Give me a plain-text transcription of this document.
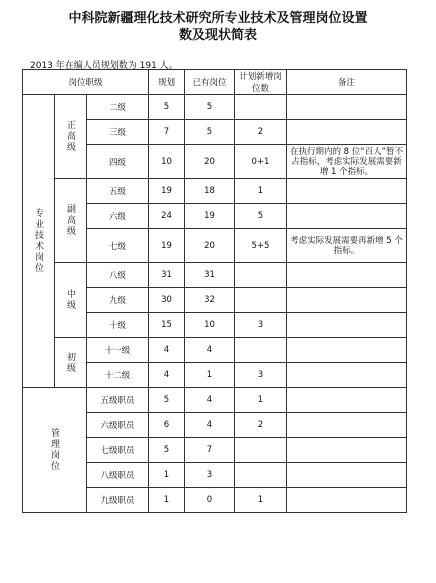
中科院新疆理化技术研究所专业技术及管理岗位设置
数及现状简表
2013 年在编人员规划数为 191 人。
岗位职级			规划	已有岗位	计划新增岗位数	备注	

专业技术岗位	正高级	二级	5	5			
		三级	7	5	2		
		四级	10	20	0+1	在执行期内的 8 位“百人”暂不占指标，考虑实际发展需要新增 1 个指标。	

	副高级	五级	19	18	1		
		六级	24	19	5		
		七级	19	20	5+5	考虑实际发展需要再新增 5 个指标。	

	中级	八级	31	31			
		九级	30	32			
		十级	15	10	3		

	初级	十一级	4	4			
		十二级	4	1	3		

管理岗位		五级职员	5	4	1		
		六级职员	6	4	2		
		七级职员	5	7			
		八级职员	1	3			
		九级职员	1	0	1		
